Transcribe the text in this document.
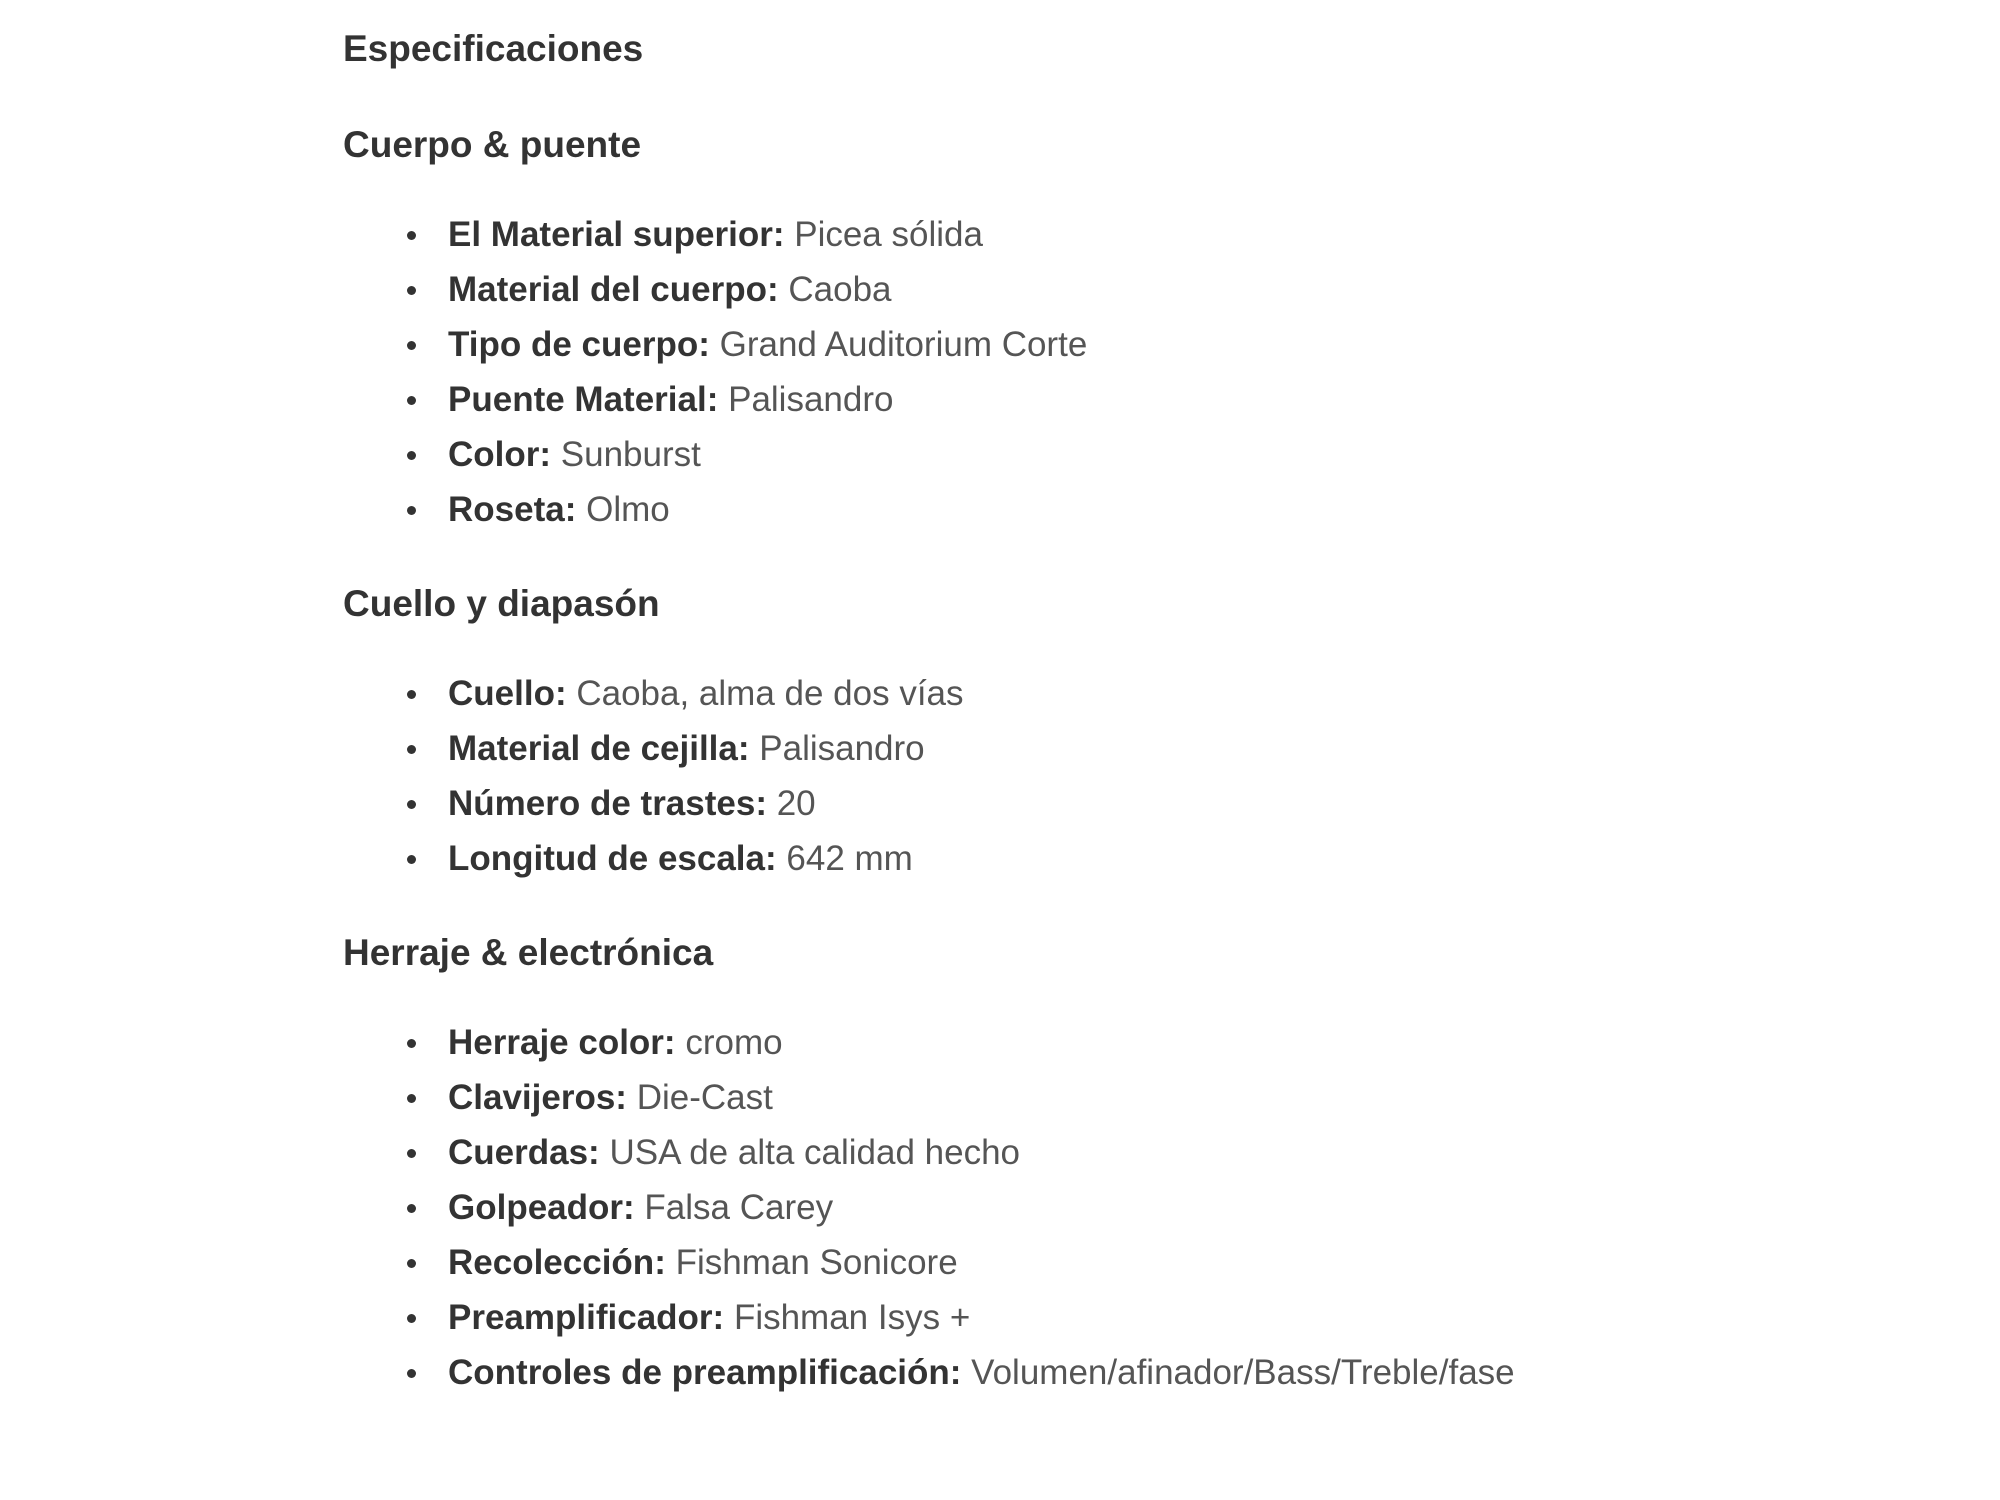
Especificaciones
Cuerpo & puente
El Material superior: Picea sólida
Material del cuerpo: Caoba
Tipo de cuerpo: Grand Auditorium Corte
Puente Material: Palisandro
Color: Sunburst
Roseta: Olmo
Cuello y diapasón
Cuello: Caoba, alma de dos vías
Material de cejilla: Palisandro
Número de trastes: 20
Longitud de escala: 642 mm
Herraje & electrónica
Herraje color: cromo
Clavijeros: Die-Cast
Cuerdas: USA de alta calidad hecho
Golpeador: Falsa Carey
Recolección: Fishman Sonicore
Preamplificador: Fishman Isys +
Controles de preamplificación: Volumen/afinador/Bass/Treble/fase
